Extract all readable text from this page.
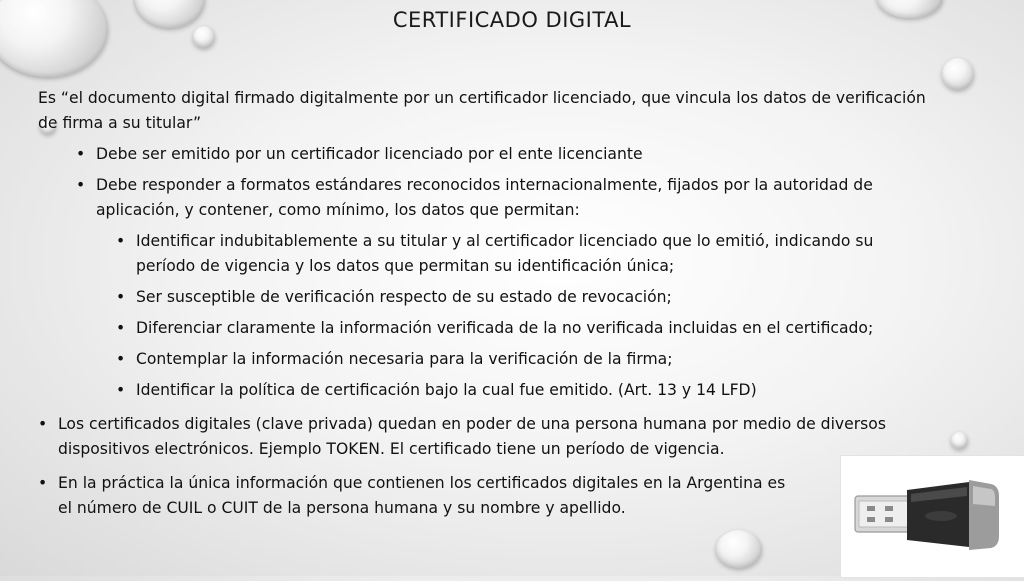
CERTIFICADO DIGITAL

Es “el documento digital firmado digitalmente por un certificador licenciado, que vincula los datos de verificación de firma a su titular”

• Debe ser emitido por un certificador licenciado por el ente licenciante
• Debe responder a formatos estándares reconocidos internacionalmente, fijados por la autoridad de aplicación, y contener, como mínimo, los datos que permitan:
• Identificar indubitablemente a su titular y al certificador licenciado que lo emitió, indicando su período de vigencia y los datos que permitan su identificación única;
• Ser susceptible de verificación respecto de su estado de revocación;
• Diferenciar claramente la información verificada de la no verificada incluidas en el certificado;
• Contemplar la información necesaria para la verificación de la firma;
• Identificar la política de certificación bajo la cual fue emitido. (Art. 13 y 14 LFD)
• Los certificados digitales (clave privada) quedan en poder de una persona humana por medio de diversos dispositivos electrónicos. Ejemplo TOKEN. El certificado tiene un período de vigencia.
• En la práctica la única información que contienen los certificados digitales en la Argentina es el número de CUIL o CUIT de la persona humana y su nombre y apellido.
